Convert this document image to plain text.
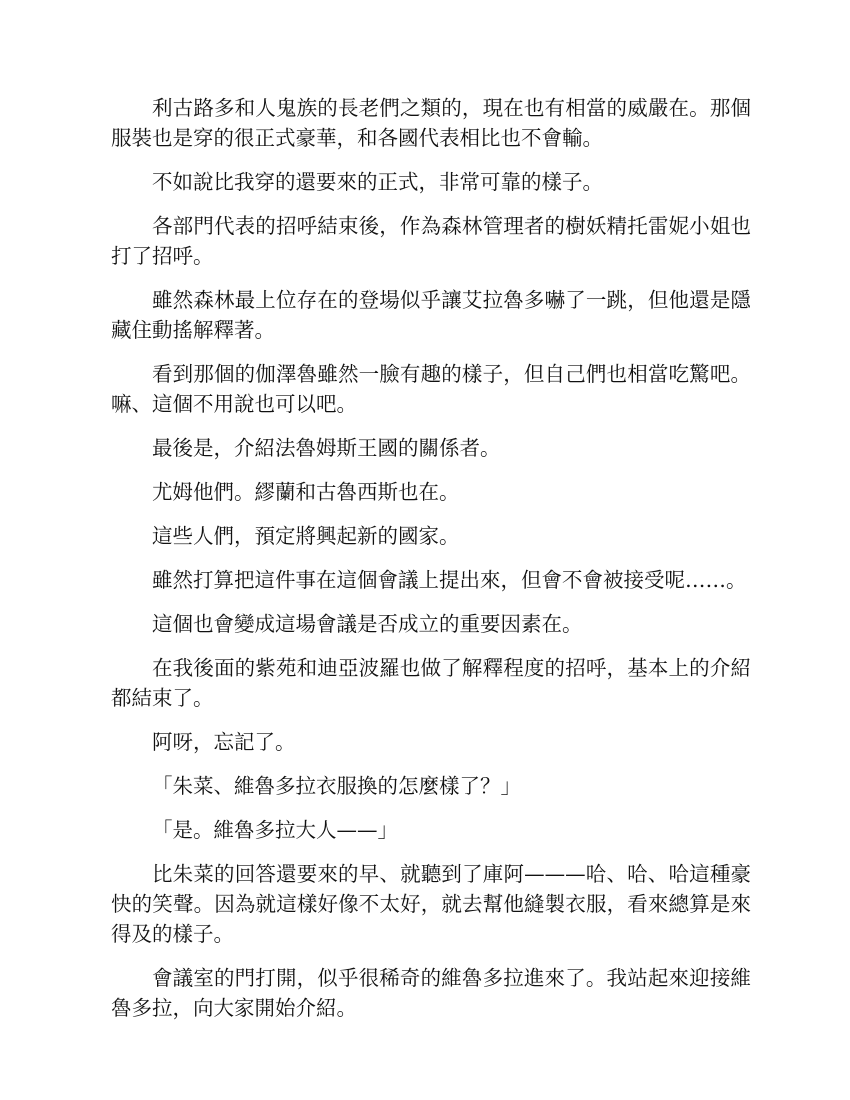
利古路多和人鬼族的長老們之類的，現在也有相當的威嚴在。那個服裝也是穿的很正式豪華，和各國代表相比也不會輸。

不如說比我穿的還要來的正式，非常可靠的樣子。

各部門代表的招呼結束後，作為森林管理者的樹妖精托雷妮小姐也打了招呼。

雖然森林最上位存在的登場似乎讓艾拉魯多嚇了一跳，但他還是隱藏住動搖解釋著。

看到那個的伽澤魯雖然一臉有趣的樣子，但自己們也相當吃驚吧。嘛、這個不用說也可以吧。

最後是，介紹法魯姆斯王國的關係者。

尤姆他們。繆蘭和古魯西斯也在。

這些人們，預定將興起新的國家。

雖然打算把這件事在這個會議上提出來，但會不會被接受呢……。

這個也會變成這場會議是否成立的重要因素在。

在我後面的紫苑和迪亞波羅也做了解釋程度的招呼，基本上的介紹都結束了。

阿呀，忘記了。

「朱菜、維魯多拉衣服換的怎麼樣了？」

「是。維魯多拉大人——」

比朱菜的回答還要來的早、就聽到了庫阿———哈、哈、哈這種豪快的笑聲。因為就這樣好像不太好，就去幫他縫製衣服，看來總算是來得及的樣子。

會議室的門打開，似乎很稀奇的維魯多拉進來了。我站起來迎接維魯多拉，向大家開始介紹。
